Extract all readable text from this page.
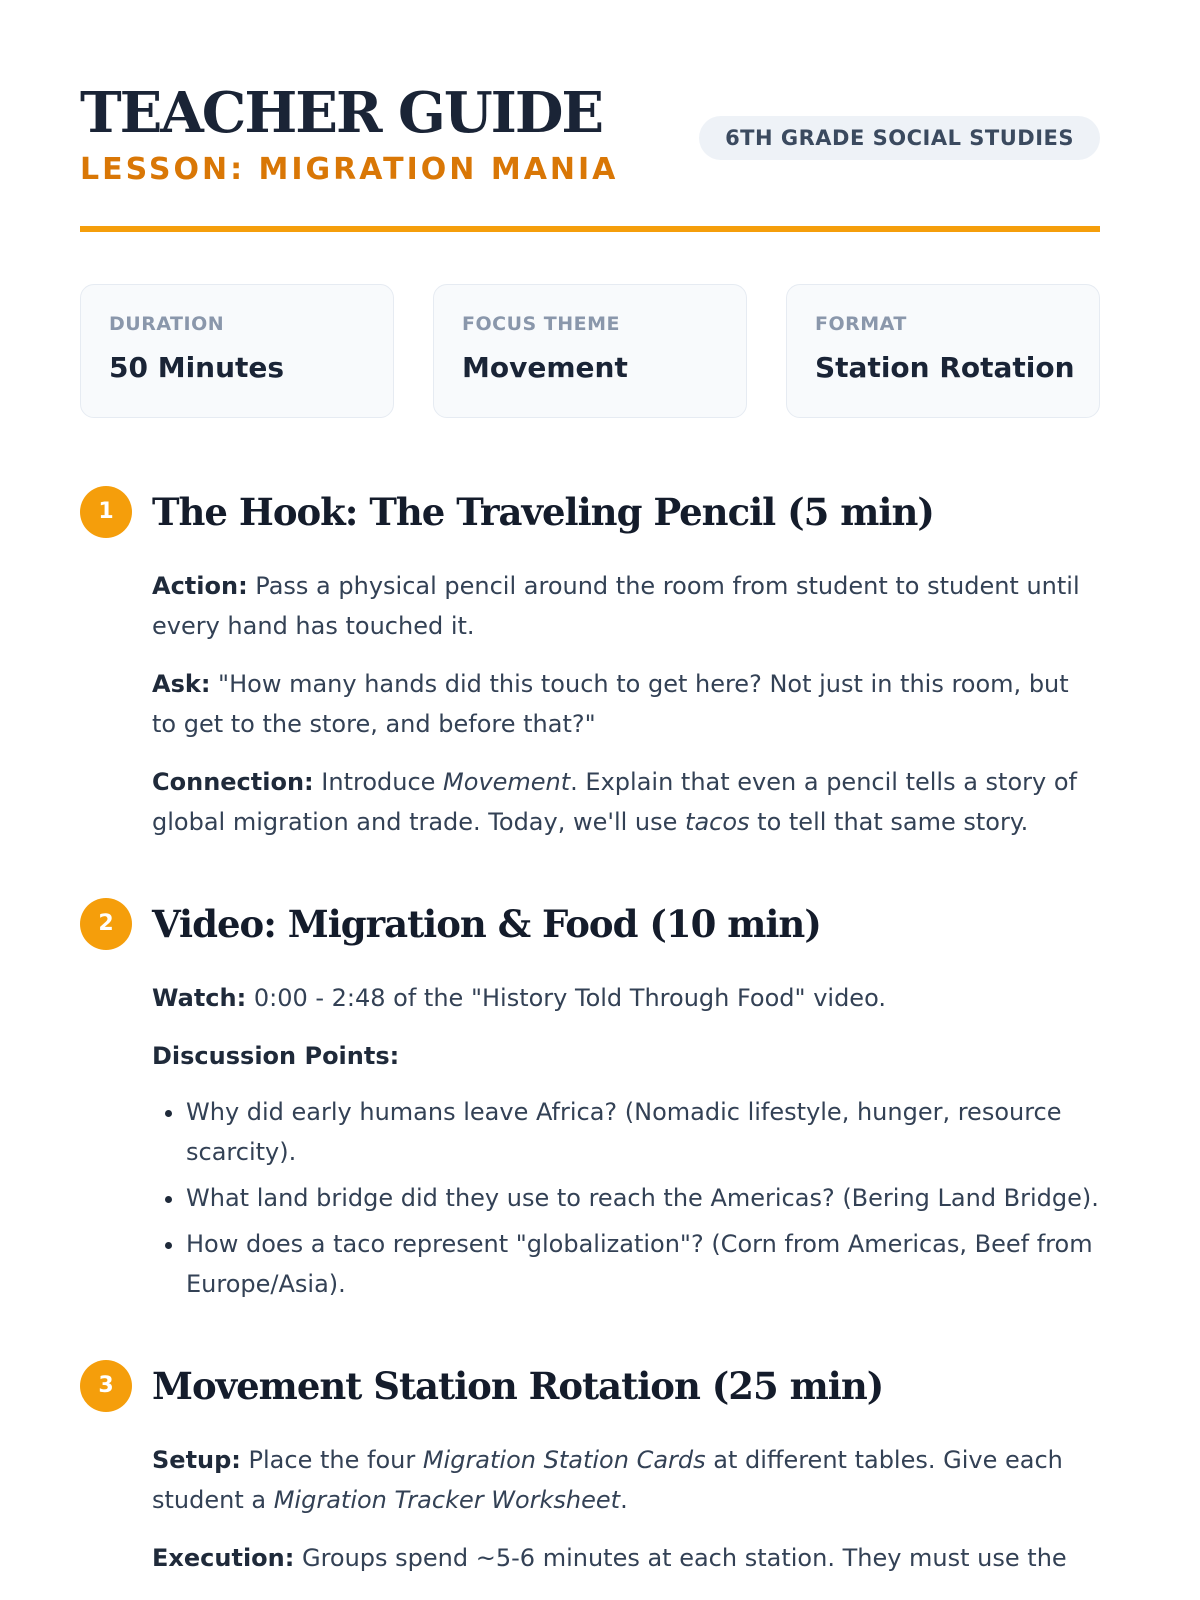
TEACHER GUIDE
LESSON: MIGRATION MANIA
6TH GRADE SOCIAL STUDIES
DURATION
50 Minutes
FOCUS THEME
Movement
FORMAT
Station Rotation
1	The Hook: The Traveling Pencil (5 min)

Action: Pass a physical pencil around the room from student to student until every hand has touched it.

Ask: "How many hands did this touch to get here? Not just in this room, but to get to the store, and before that?"

Connection: Introduce Movement. Explain that even a pencil tells a story of global migration and trade. Today, we'll use tacos to tell that same story.

2	Video: Migration & Food (10 min)

Watch: 0:00 - 2:48 of the "History Told Through Food" video.

Discussion Points:

• Why did early humans leave Africa? (Nomadic lifestyle, hunger, resource scarcity).
• What land bridge did they use to reach the Americas? (Bering Land Bridge).
• How does a taco represent "globalization"? (Corn from Americas, Beef from Europe/Asia).
3	Movement Station Rotation (25 min)

Setup: Place the four Migration Station Cards at different tables. Give each student a Migration Tracker Worksheet.

Execution: Groups spend ~5-6 minutes at each station. They must use the
